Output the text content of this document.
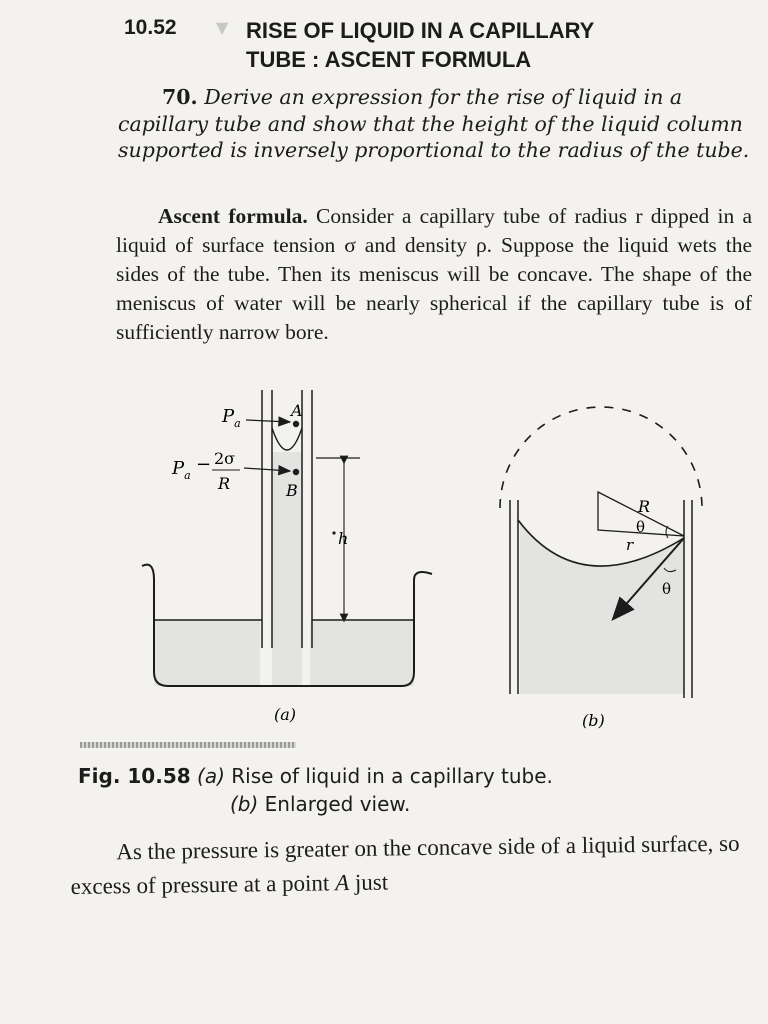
10.52 ▼ RISE OF LIQUID IN A CAPILLARY
TUBE : ASCENT FORMULA
70. Derive an expression for the rise of liquid in a capillary tube and show that the height of the liquid column supported is inversely proportional to the radius of the tube.
Ascent formula. Consider a capillary tube of radius r dipped in a liquid of surface tension σ and density ρ. Suppose the liquid wets the sides of the tube. Then its meniscus will be concave. The shape of the meniscus of water will be nearly spherical if the capillary tube is of sufficiently narrow bore.
$P_a$
A
$P_a$
− 2σ
R	B
h
(a)
R
θ
r
θ
(b)
Fig. 10.58 (a) Rise of liquid in a capillary tube.
(b) Enlarged view.
As the pressure is greater on the concave side of a liquid surface, so excess of pressure at a point A just
